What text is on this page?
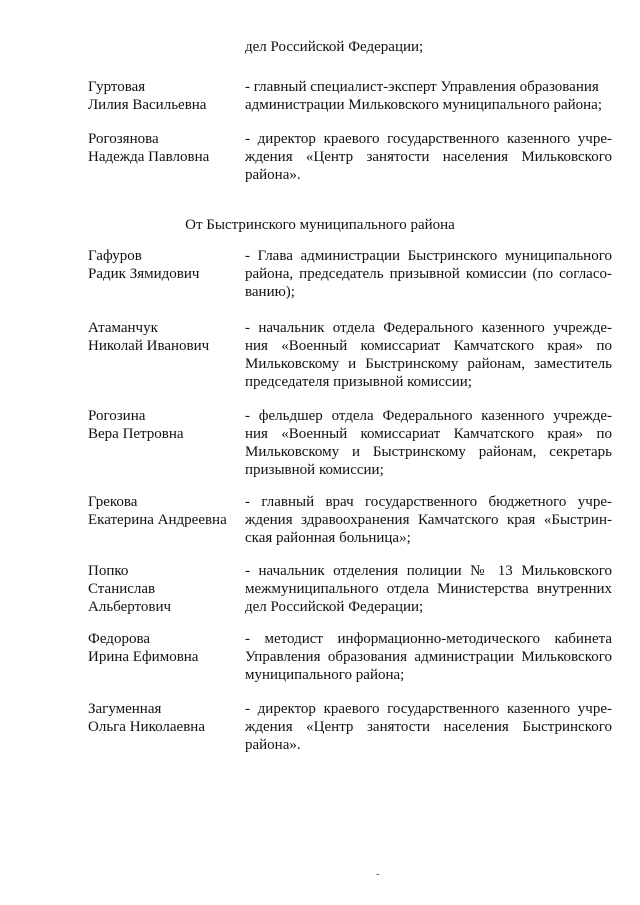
дел Российской Федерации;
Гуртовая
Лилия Васильевна
- главный специалист-эксперт Управления образования
администрации Мильковского муниципального района;
Рогозянова
Надежда Павловна
- директор краевого государственного казенного учре-
ждения «Центр занятости населения Мильковского
района».
От Быстринского муниципального района
Гафуров
Радик Зямидович
- Глава администрации Быстринского муниципального
района, председатель призывной комиссии (по согласо-
ванию);
Атаманчук
Николай Иванович
- начальник отдела Федерального казенного учрежде-
ния «Военный комиссариат Камчатского края» по
Мильковскому и Быстринскому районам, заместитель
председателя призывной комиссии;
Рогозина
Вера Петровна
- фельдшер отдела Федерального казенного учрежде-
ния «Военный комиссариат Камчатского края» по
Мильковскому и Быстринскому районам, секретарь
призывной комиссии;
Грекова
Екатерина Андреевна
- главный врач государственного бюджетного учре-
ждения здравоохранения Камчатского края «Быстрин-
ская районная больница»;
Попко
Станислав
Альбертович
- начальник отделения полиции № 13 Мильковского
межмуниципального отдела Министерства внутренних
дел Российской Федерации;
Федорова
Ирина Ефимовна
- методист информационно-методического кабинета
Управления образования администрации Мильковского
муниципального района;
Загуменная
Ольга Николаевна
- директор краевого государственного казенного учре-
ждения «Центр занятости населения Быстринского
района».
˘
